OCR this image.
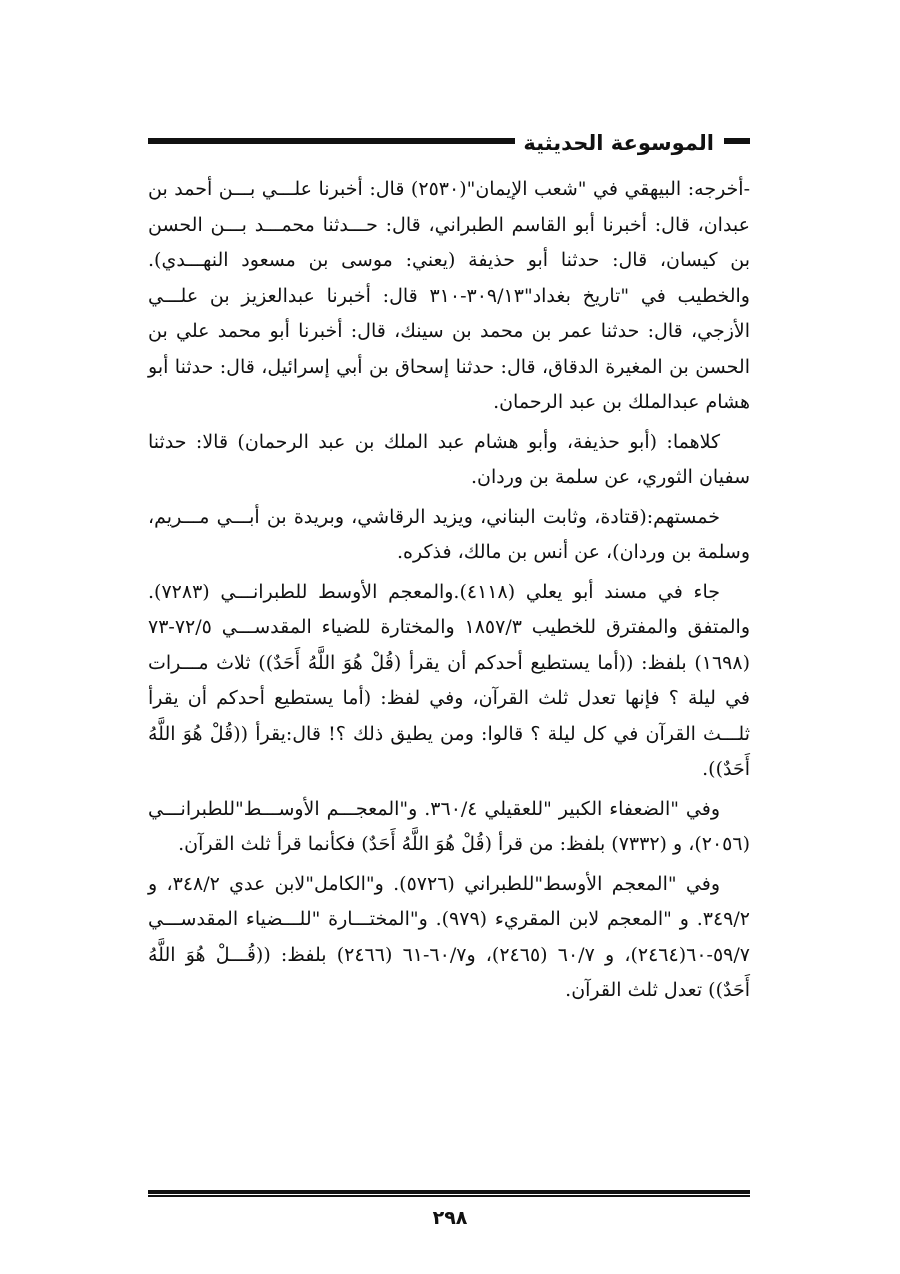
الموسوعة الحديثية

-أخرجه: البيهقي في "شعب الإيمان"(٢٥٣٠) قال: أخبرنا علـــي بـــن أحمد بن عبدان، قال: أخبرنا أبو القاسم الطبراني، قال: حـــدثنا محمـــد بـــن الحسن بن كيسان، قال: حدثنا أبو حذيفة (يعني: موسى بن مسعود النهـــدي). والخطيب في "تاريخ بغداد"٣٠٩/١٣-٣١٠ قال: أخبرنا عبدالعزيز بن علـــي الأزجي، قال: حدثنا عمر بن محمد بن سينك، قال: أخبرنا أبو محمد علي بن الحسن بن المغيرة الدقاق، قال: حدثنا إسحاق بن أبي إسرائيل، قال: حدثنا أبو هشام عبدالملك بن عبد الرحمان.

كلاهما: (أبو حذيفة، وأبو هشام عبد الملك بن عبد الرحمان) قالا: حدثنا سفيان الثوري، عن سلمة بن وردان.

خمستهم:(قتادة، وثابت البناني، ويزيد الرقاشي، وبريدة بن أبـــي مـــريم، وسلمة بن وردان)، عن أنس بن مالك، فذكره.

جاء في مسند أبو يعلي (٤١١٨).والمعجم الأوسط للطبرانـــي (٧٢٨٣). والمتفق والمفترق للخطيب ١٨٥٧/٣ والمختارة للضياء المقدســـي ٧٢/٥-٧٣ (١٦٩٨) بلفظ: ((أما يستطيع أحدكم أن يقرأ (قُلْ هُوَ اللَّهُ أَحَدٌ)) ثلاث مـــرات في ليلة ؟ فإنها تعدل ثلث القرآن، وفي لفظ: (أما يستطيع أحدكم أن يقرأ ثلـــث القرآن في كل ليلة ؟ قالوا: ومن يطيق ذلك ؟! قال:يقرأ ((قُلْ هُوَ اللَّهُ أَحَدٌ)).

وفي "الضعفاء الكبير "للعقيلي ٣٦٠/٤. و"المعجـــم الأوســـط"للطبرانـــي (٢٠٥٦)، و (٧٣٣٢) بلفظ: من قرأ (قُلْ هُوَ اللَّهُ أَحَدٌ) فكأنما قرأ ثلث القرآن.

وفي "المعجم الأوسط"للطبراني (٥٧٢٦). و"الكامل"لابن عدي ٣٤٨/٢، و ٣٤٩/٢. و "المعجم لابن المقريء (٩٧٩). و"المختـــارة "للـــضياء المقدســـي ٥٩/٧-٦٠(٢٤٦٤)، و ٦٠/٧ (٢٤٦٥)، و٦٠/٧-٦١ (٢٤٦٦) بلفظ: ((قُـــلْ هُوَ اللَّهُ أَحَدٌ)) تعدل ثلث القرآن.

٢٩٨
